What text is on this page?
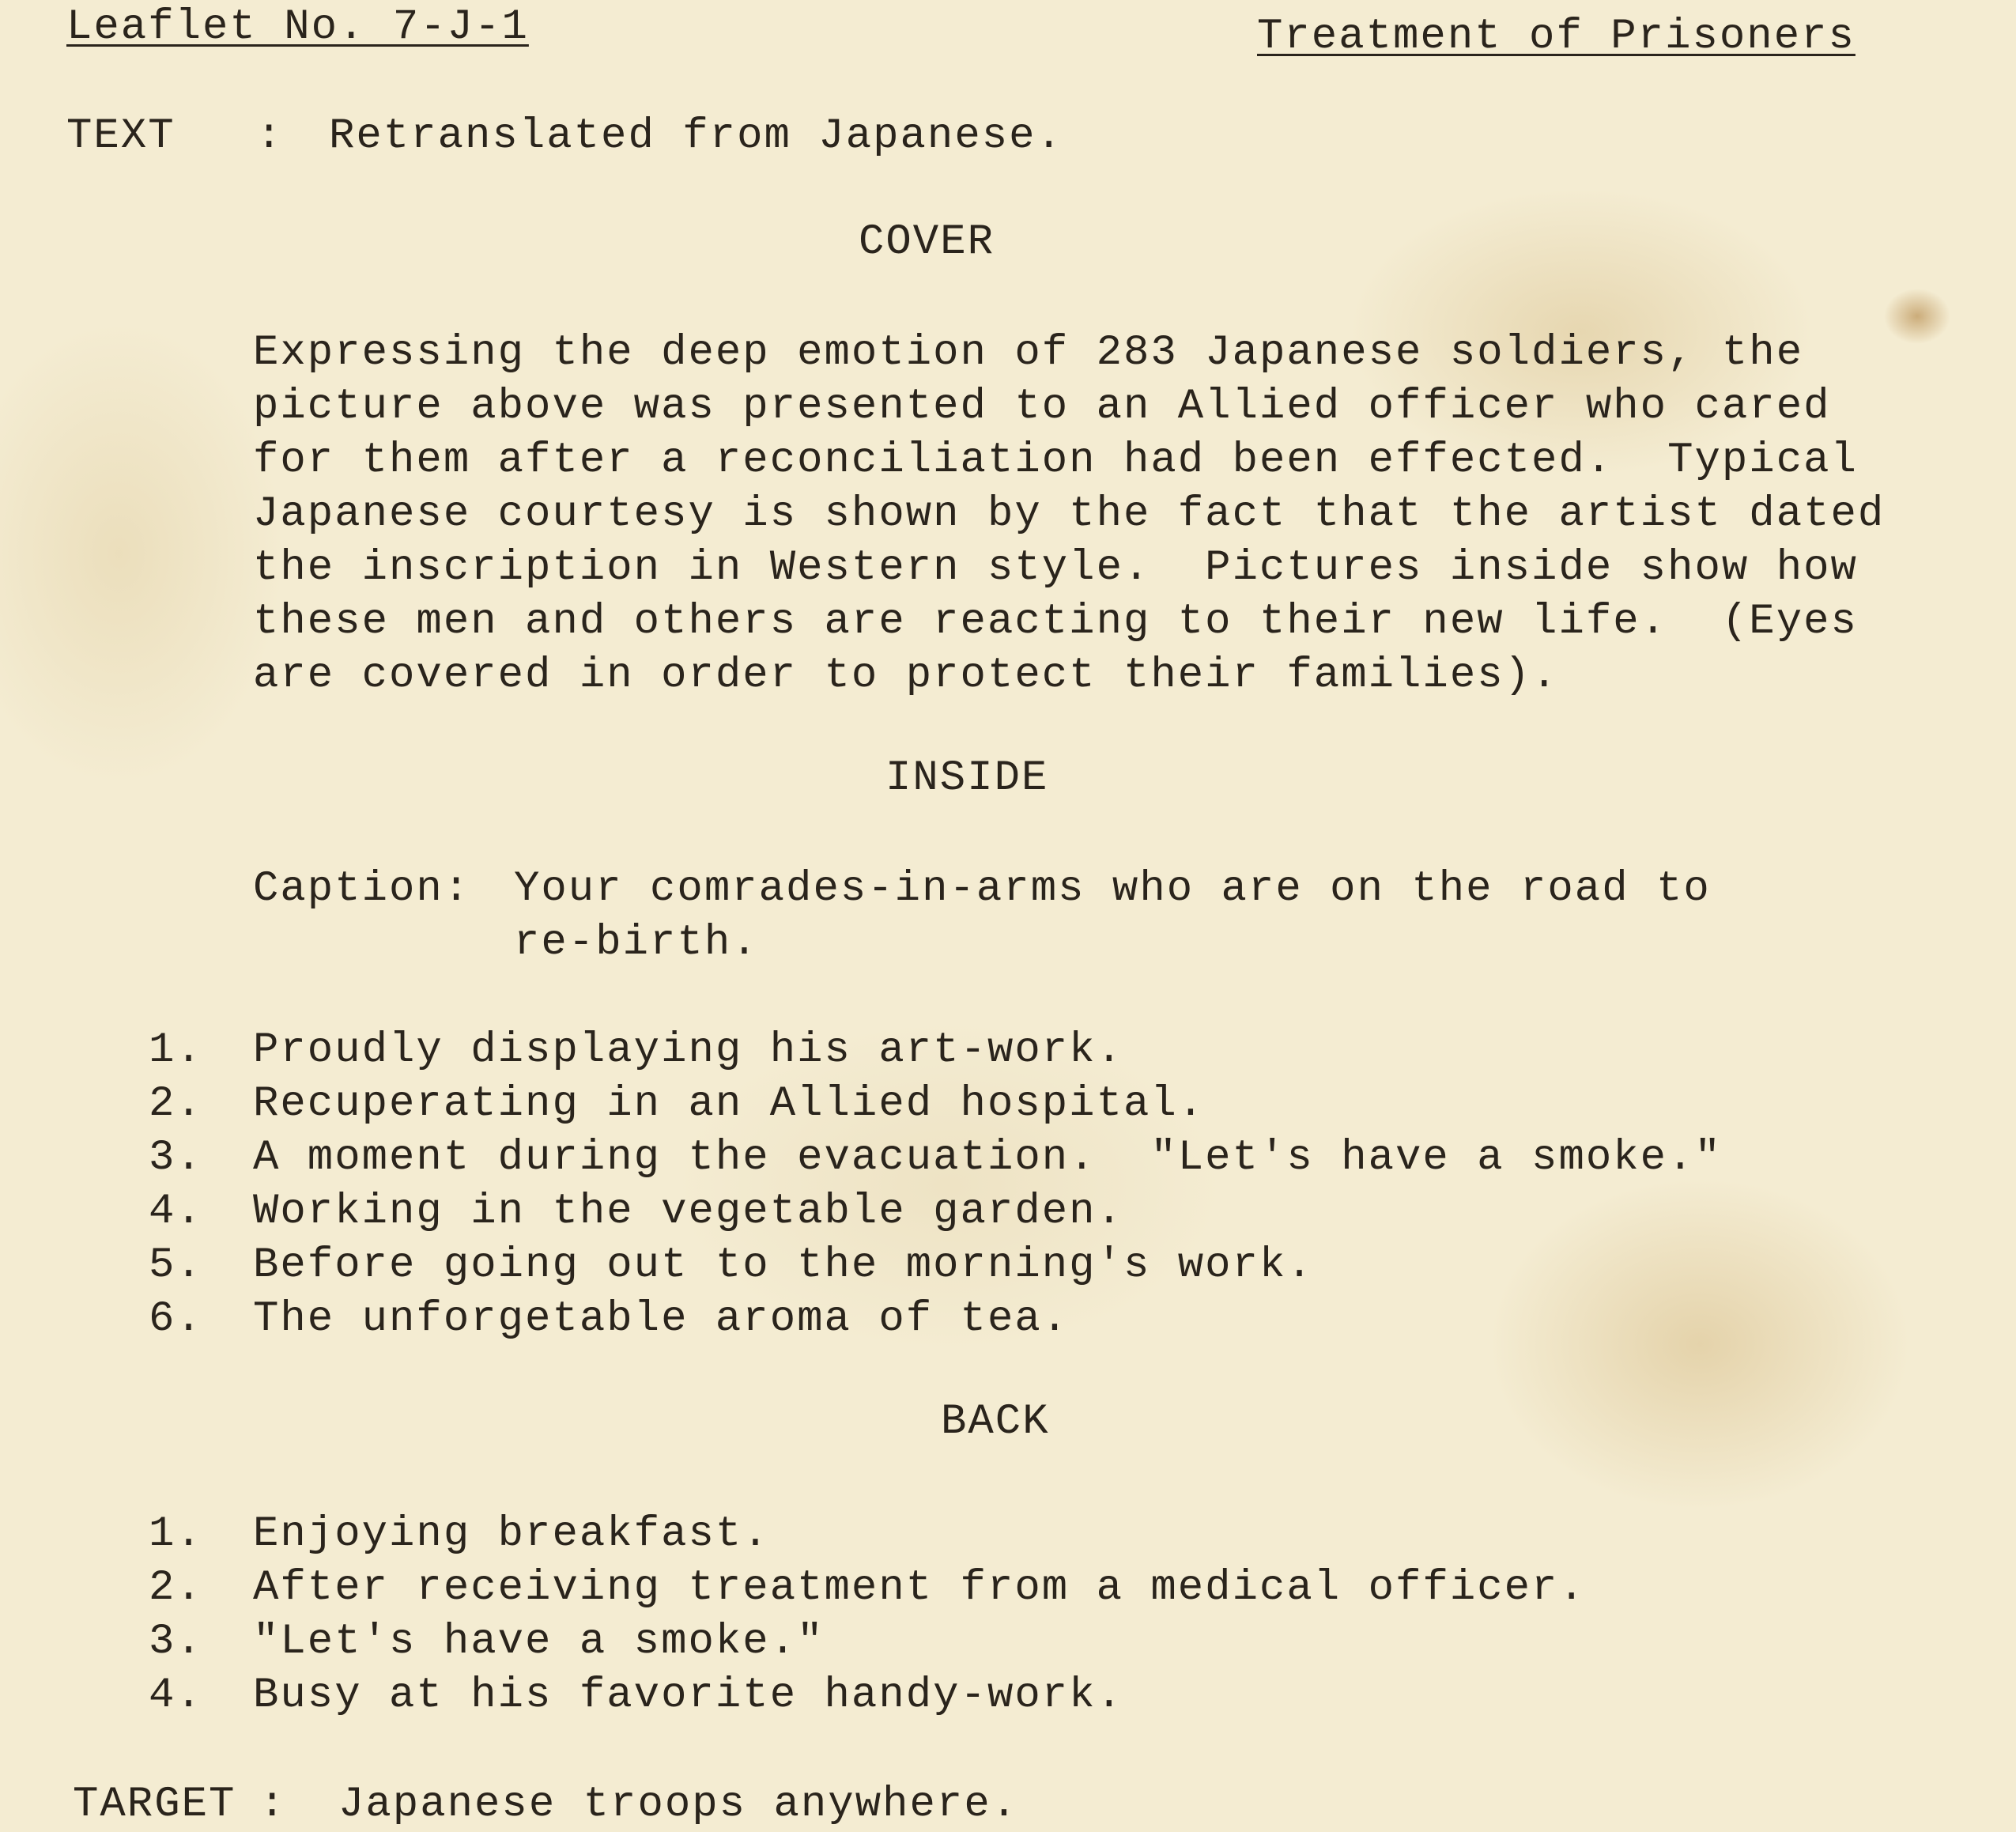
Leaflet No. 7-J-1	Treatment of Prisoners

TEXT : Retranslated from Japanese.

COVER

Expressing the deep emotion of 283 Japanese soldiers, the

picture above was presented to an Allied officer who cared

for them after a reconciliation had been effected.  Typical

Japanese courtesy is shown by the fact that the artist dated

the inscription in Western style.  Pictures inside show how

these men and others are reacting to their new life.  (Eyes

are covered in order to protect their families).

INSIDE

Caption: Your comrades-in-arms who are on the road to

re-birth.

1. Proudly displaying his art-work.

2. Recuperating in an Allied hospital.

3. A moment during the evacuation.  "Let's have a smoke."

4. Working in the vegetable garden.

5. Before going out to the morning's work.

6. The unforgetable aroma of tea.

BACK

1. Enjoying breakfast.

2. After receiving treatment from a medical officer.

3. "Let's have a smoke."

4. Busy at his favorite handy-work.

TARGET : Japanese troops anywhere.
